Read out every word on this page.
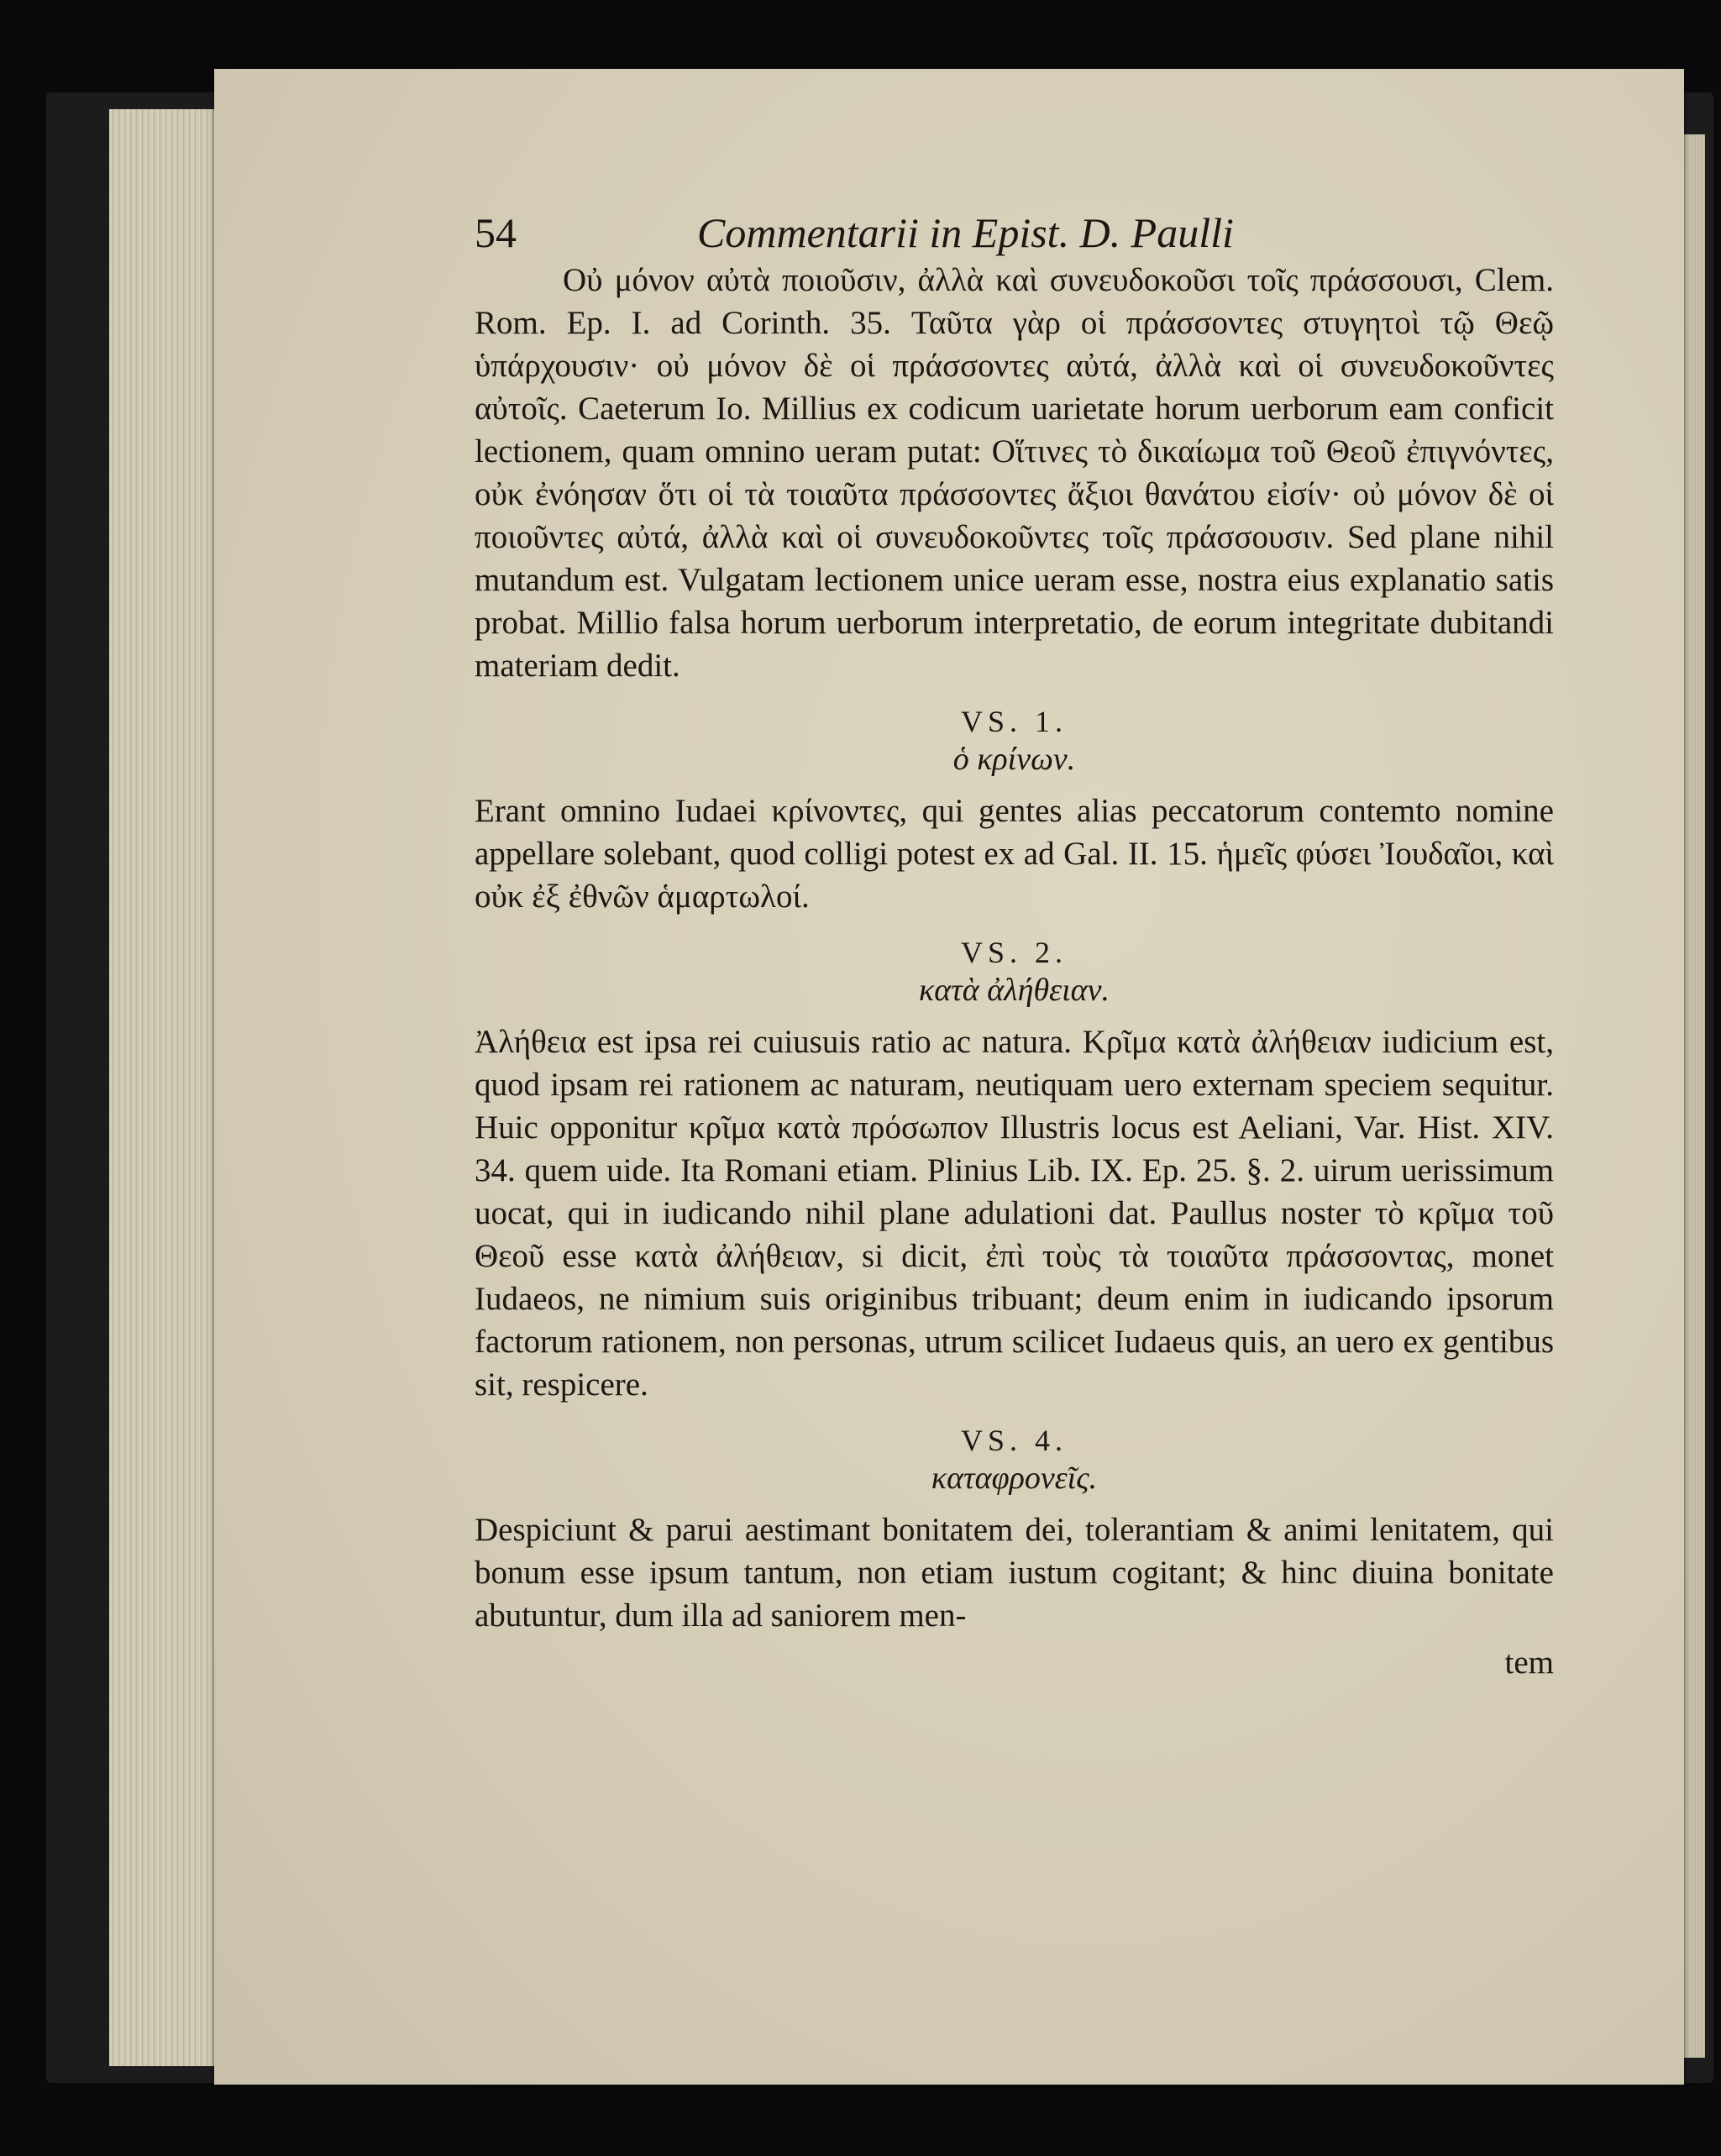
54	Commentarii in Epist. D. Paulli

Οὐ μόνον αὐτὰ ποιοῦσιν, ἀλλὰ καὶ συνευδοκοῦσι τοῖς πράσσουσι, Clem. Rom. Ep. I. ad Corinth. 35. Ταῦτα γὰρ οἱ πράσσοντες στυγητοὶ τῷ Θεῷ ὑπάρχουσιν· οὐ μόνον δὲ οἱ πράσσοντες αὐτά, ἀλλὰ καὶ οἱ συνευδοκοῦντες αὐτοῖς. Caeterum Io. Millius ex codicum uarietate horum uerborum eam conficit lectionem, quam omnino ueram putat: Οἵτινες τὸ δικαίωμα τοῦ Θεοῦ ἐπιγνόντες, οὐκ ἐνόησαν ὅτι οἱ τὰ τοιαῦτα πράσσοντες ἄξιοι θανάτου εἰσίν· οὐ μόνον δὲ οἱ ποιοῦντες αὐτά, ἀλλὰ καὶ οἱ συνευδοκοῦντες τοῖς πράσσουσιν. Sed plane nihil mutandum est. Vulgatam lectionem unice ueram esse, nostra eius explanatio satis probat. Millio falsa horum uerborum interpretatio, de eorum integritate dubitandi materiam dedit.

VS. 1.
ὁ κρίνων.

Erant omnino Iudaei κρίνοντες, qui gentes alias peccatorum contemto nomine appellare solebant, quod colligi potest ex ad Gal. II. 15. ἡμεῖς φύσει Ἰουδαῖοι, καὶ οὐκ ἐξ ἐθνῶν ἁμαρτωλοί.

VS. 2.
κατὰ ἀλήθειαν.

Ἀλήθεια est ipsa rei cuiusuis ratio ac natura. Κρῖμα κατὰ ἀλήθειαν iudicium est, quod ipsam rei rationem ac naturam, neutiquam uero externam speciem sequitur. Huic opponitur κρῖμα κατὰ πρόσωπον Illustris locus est Aeliani, Var. Hist. XIV. 34. quem uide. Ita Romani etiam. Plinius Lib. IX. Ep. 25. §. 2. uirum uerissimum uocat, qui in iudicando nihil plane adulationi dat. Paullus noster τὸ κρῖμα τοῦ Θεοῦ esse κατὰ ἀλήθειαν, si dicit, ἐπὶ τοὺς τὰ τοιαῦτα πράσσοντας, monet Iudaeos, ne nimium suis originibus tribuant; deum enim in iudicando ipsorum factorum rationem, non personas, utrum scilicet Iudaeus quis, an uero ex gentibus sit, respicere.

VS. 4.
καταφρονεῖς.

Despiciunt & parui aestimant bonitatem dei, tolerantiam & animi lenitatem, qui bonum esse ipsum tantum, non etiam iustum cogitant; & hinc diuina bonitate abutuntur, dum illa ad saniorem men-

tem
